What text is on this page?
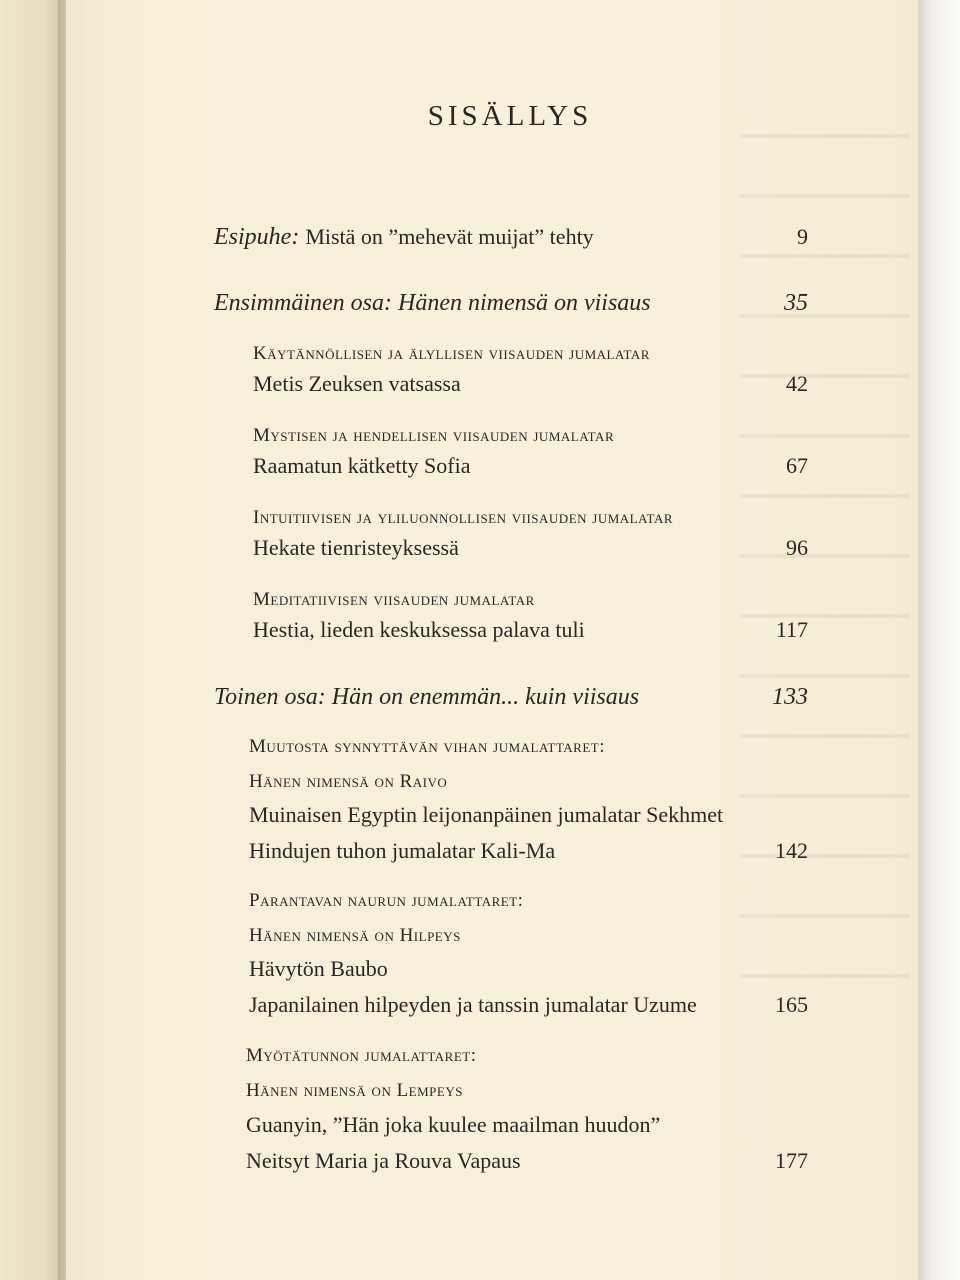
SISÄLLYS
Esipuhe: Mistä on ”mehevät muijat” tehty	9
Ensimmäinen osa: Hänen nimensä on viisaus	35
Käytännöllisen ja älyllisen viisauden jumalatar
Metis Zeuksen vatsassa	42
Mystisen ja hendellisen viisauden jumalatar
Raamatun kätketty Sofia	67
Intuitiivisen ja yliluonnollisen viisauden jumalatar
Hekate tienristeyksessä	96
Meditatiivisen viisauden jumalatar
Hestia, lieden keskuksessa palava tuli	117
Toinen osa: Hän on enemmän... kuin viisaus	133
Muutosta synnyttävän vihan jumalattaret:
Hänen nimensä on Raivo
Muinaisen Egyptin leijonanpäinen jumalatar Sekhmet
Hindujen tuhon jumalatar Kali-Ma	142
Parantavan naurun jumalattaret:
Hänen nimensä on Hilpeys
Hävytön Baubo
Japanilainen hilpeyden ja tanssin jumalatar Uzume	165
Myötätunnon jumalattaret:
Hänen nimensä on Lempeys
Guanyin, ”Hän joka kuulee maailman huudon”
Neitsyt Maria ja Rouva Vapaus	177
